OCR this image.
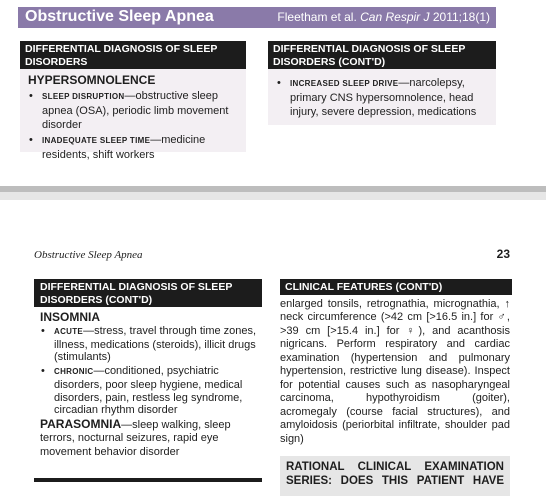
Obstructive Sleep Apnea	Fleetham et al. Can Respir J 2011;18(1)
DIFFERENTIAL DIAGNOSIS OF SLEEP DISORDERS
HYPERSOMNOLENCE
• SLEEP DISRUPTION—obstructive sleep apnea (OSA), periodic limb movement disorder
• INADEQUATE SLEEP TIME—medicine residents, shift workers
DIFFERENTIAL DIAGNOSIS OF SLEEP DISORDERS (CONT'D)
• INCREASED SLEEP DRIVE—narcolepsy, primary CNS hypersomnolence, head injury, severe depression, medications
Obstructive Sleep Apnea	23
DIFFERENTIAL DIAGNOSIS OF SLEEP DISORDERS (CONT'D)
INSOMNIA
• ACUTE—stress, travel through time zones, illness, medications (steroids), illicit drugs (stimulants)
• CHRONIC—conditioned, psychiatric disorders, poor sleep hygiene, medical disorders, pain, restless leg syndrome, circadian rhythm disorder
PARASOMNIA—sleep walking, sleep terrors, nocturnal seizures, rapid eye movement behavior disorder
CLINICAL FEATURES (CONT'D)
enlarged tonsils, retrognathia, micrognathia, ↑ neck circumference (>42 cm [>16.5 in.] for ♂, >39 cm [>15.4 in.] for ♀), and acanthosis nigricans. Perform respiratory and cardiac examination (hypertension and pulmonary hypertension, restrictive lung disease). Inspect for potential causes such as nasopharyngeal carcinoma, hypothyroidism (goiter), acromegaly (course facial structures), and amyloidosis (periorbital infiltrate, shoulder pad sign)
RATIONAL CLINICAL EXAMINATION SERIES: DOES THIS PATIENT HAVE
